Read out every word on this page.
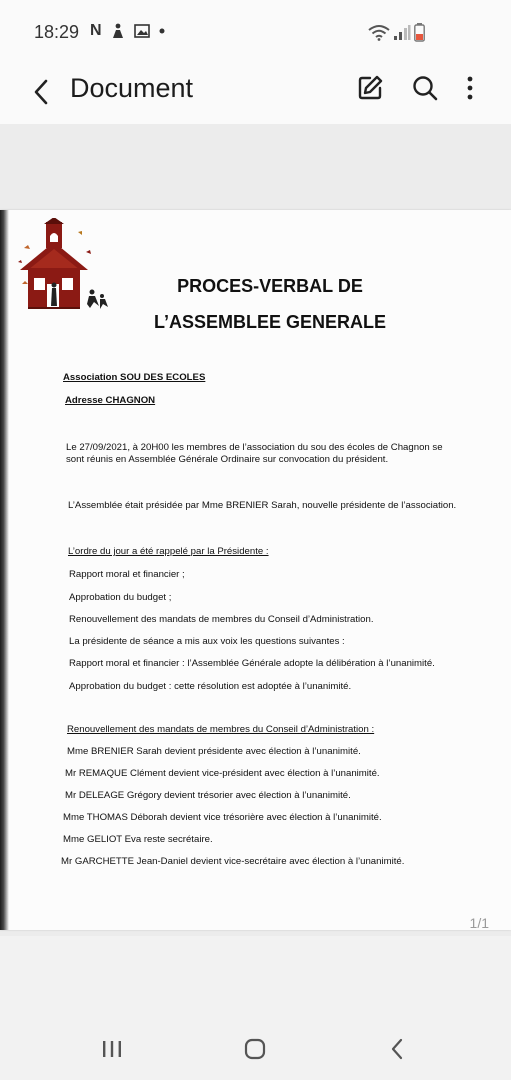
18:29 N
Document
PROCES-VERBAL DE
L’ASSEMBLEE GENERALE
Association SOU DES ECOLES
Adresse CHAGNON
Le 27/09/2021, à 20H00 les membres de l’association du sou des écoles de Chagnon se
sont réunis en Assemblée Générale Ordinaire sur convocation du président.
L’Assemblée était présidée par Mme BRENIER Sarah, nouvelle présidente de l’association.
L’ordre du jour a été rappelé par la Présidente :
Rapport moral et financier ;
Approbation du budget ;
Renouvellement des mandats de membres du Conseil d’Administration.
La présidente de séance a mis aux voix les questions suivantes :
Rapport moral et financier : l’Assemblée Générale adopte la délibération à l’unanimité.
Approbation du budget : cette résolution est adoptée à l’unanimité.
Renouvellement des mandats de membres du Conseil d’Administration :
Mme BRENIER Sarah devient présidente avec élection à l’unanimité.
Mr REMAQUE Clément devient vice-président avec élection à l’unanimité.
Mr DELEAGE Grégory devient trésorier avec élection à l’unanimité.
Mme THOMAS Déborah devient vice trésorière avec élection à l’unanimité.
Mme GELIOT Eva reste secrétaire.
Mr GARCHETTE Jean-Daniel devient vice-secrétaire avec élection à l’unanimité.
1/1
